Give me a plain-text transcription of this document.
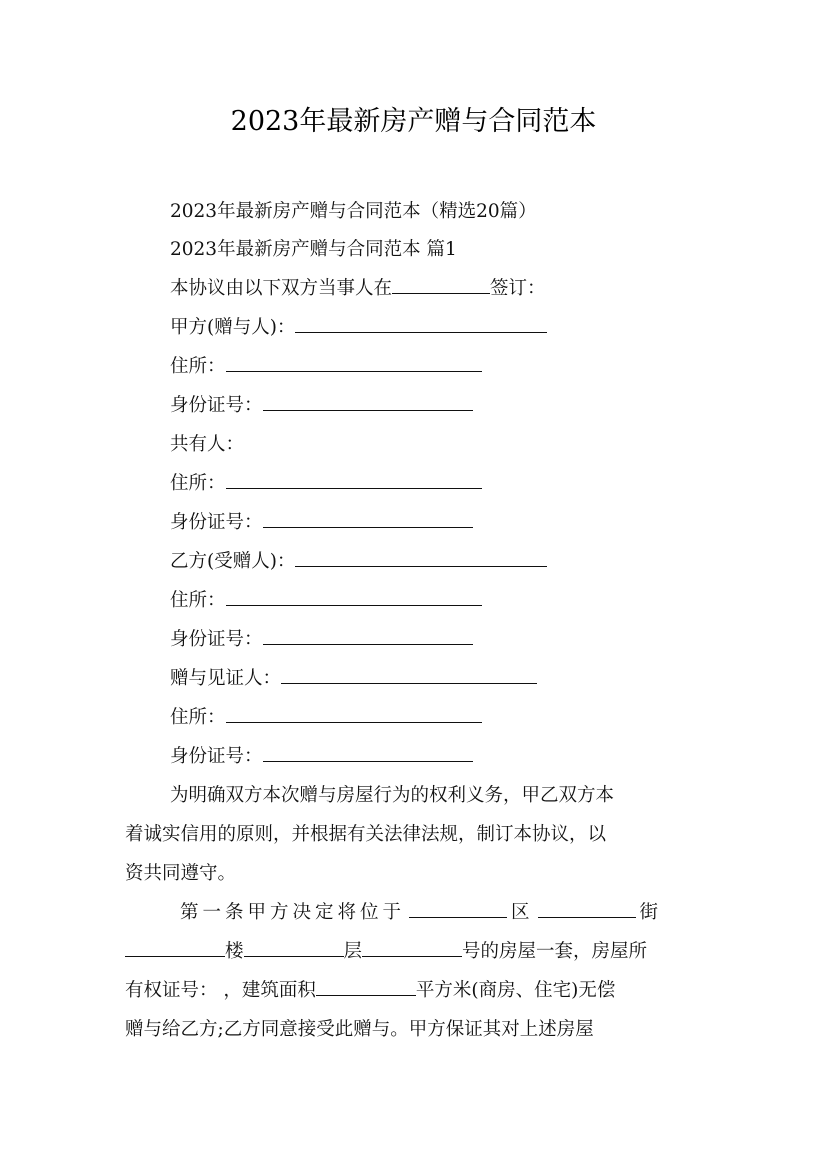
2023年最新房产赠与合同范本
2023年最新房产赠与合同范本（精选20篇）
2023年最新房产赠与合同范本 篇1
本协议由以下双方当事人在	签订：
甲方(赠与人)：
住所：
身份证号：
共有人：
住所：
身份证号：
乙方(受赠人)：
住所：
身份证号：
赠与见证人：
住所：
身份证号：
为明确双方本次赠与房屋行为的权利义务，甲乙双方本
着诚实信用的原则，并根据有关法律法规，制订本协议，以
资共同遵守。
第一条甲方决定将位于	区	街
楼	层	号的房屋一套，房屋所
有权证号： ，建筑面积	平方米(商房、住宅)无偿
赠与给乙方;乙方同意接受此赠与。甲方保证其对上述房屋
